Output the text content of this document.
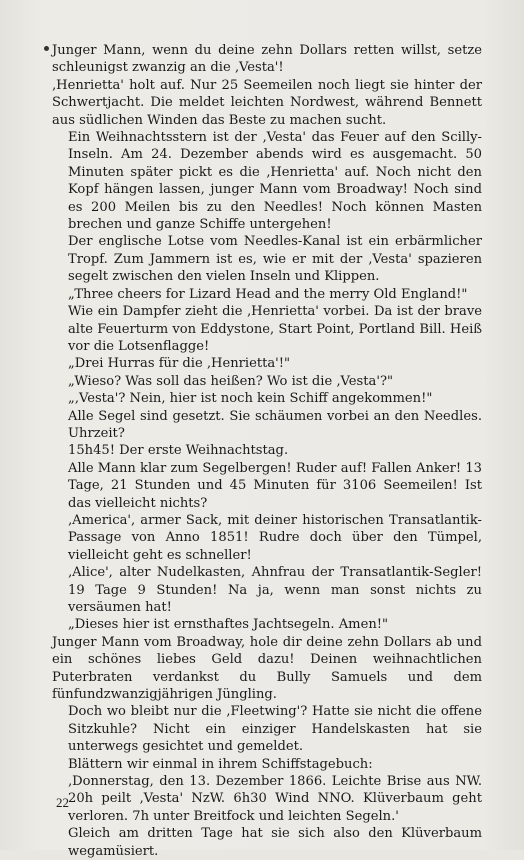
Junger Mann, wenn du deine zehn Dollars retten willst, setze schleunigst zwanzig an die ‚Vesta'!

‚Henrietta' holt auf. Nur 25 Seemeilen noch liegt sie hinter der Schwertjacht. Die meldet leichten Nordwest, während Bennett aus südlichen Winden das Beste zu machen sucht.

Ein Weihnachtsstern ist der ‚Vesta' das Feuer auf den Scilly-Inseln. Am 24. Dezember abends wird es ausgemacht. 50 Minuten später pickt es die ‚Henrietta' auf. Noch nicht den Kopf hängen lassen, junger Mann vom Broadway! Noch sind es 200 Meilen bis zu den Needles! Noch können Masten brechen und ganze Schiffe untergehen!

Der englische Lotse vom Needles-Kanal ist ein erbärmlicher Tropf. Zum Jammern ist es, wie er mit der ‚Vesta' spazieren segelt zwischen den vielen Inseln und Klippen.

„Three cheers for Lizard Head and the merry Old England!"

Wie ein Dampfer zieht die ‚Henrietta' vorbei. Da ist der brave alte Feuerturm von Eddystone, Start Point, Portland Bill. Heiß vor die Lotsenflagge!

„Drei Hurras für die ‚Henrietta'!"

„Wieso? Was soll das heißen? Wo ist die ‚Vesta'?"

„‚Vesta'? Nein, hier ist noch kein Schiff angekommen!"

Alle Segel sind gesetzt. Sie schäumen vorbei an den Needles. Uhrzeit?

15h45! Der erste Weihnachtstag.

Alle Mann klar zum Segelbergen! Ruder auf! Fallen Anker! 13 Tage, 21 Stunden und 45 Minuten für 3106 Seemeilen! Ist das vielleicht nichts?

‚America', armer Sack, mit deiner historischen Transatlantik-Passage von Anno 1851! Rudre doch über den Tümpel, vielleicht geht es schneller!

‚Alice', alter Nudelkasten, Ahnfrau der Transatlantik-Segler! 19 Tage 9 Stunden! Na ja, wenn man sonst nichts zu versäumen hat!

„Dieses hier ist ernsthaftes Jachtsegeln. Amen!"

Junger Mann vom Broadway, hole dir deine zehn Dollars ab und ein schönes liebes Geld dazu! Deinen weihnachtlichen Puterbraten verdankst du Bully Samuels und dem fünfundzwanzigjährigen Jüngling.

Doch wo bleibt nur die ‚Fleetwing'? Hatte sie nicht die offene Sitzkuhle? Nicht ein einziger Handelskasten hat sie unterwegs gesichtet und gemeldet.

Blättern wir einmal in ihrem Schiffstagebuch:

‚Donnerstag, den 13. Dezember 1866. Leichte Brise aus NW. 20h peilt ‚Vesta' NzW. 6h30 Wind NNO. Klüverbaum geht verloren. 7h unter Breitfock und leichten Segeln.'

Gleich am dritten Tage hat sie sich also den Klüverbaum wegamüsiert.

22
